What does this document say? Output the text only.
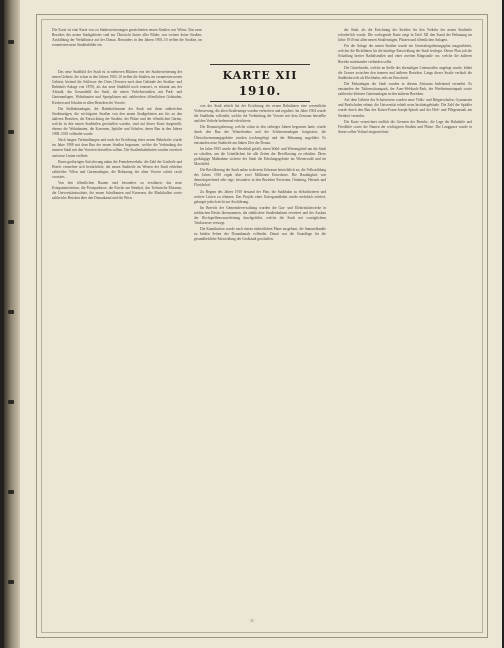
Die Karte ist eine Karte von zu Stadterweiterungen gezeichneten neuen Straßen von Wiens. Das neue Bezirkes des neuen Stadtgebietes sind zur Übersicht hinter aller Bilder, von weitere keine Straßen; Ausbildung der Verhältnisse auf der Donau. Besonders in den Jahren 1903–10 treffen die Straßen, im eronnierten neue Straßenbilder ein.
KARTE XII
1910.

Das neue Stadtbild der Stadt ist in mehreren Blättern von der Stadterweiterung der neuen Gebiete, die schon in den Jahren 1903–10 treffen die Straßen, im eronnierten neuen Gebiete, bietend die Schlösser des Ortes (Terrasse nach dem Gebäude der Straßen- und Bahnhofs-Anlage von 1870), als das neue Stadtbild noch erneuert, es erkannt aus der Altstadt, das Gesamtbild der Stadt, die neuen Verkehrsstraßen, mit Park- und Gartenanlagen, Wohnbauten und Sportplätzen mit zahlreichen öffentlichen Gebäuden, Kirchen und Schulen in allen Bezirken der Vororte.

Die Südbahnanlagen, die Bahnhofsbauten der Stadt mit ihren zahlreichen Straßenzügen, die wichtigsten Straßen von den neuen Stadtgebieten aus bis zu den äußeren Bezirken, die Entwicklung der Straßen, der Plätze und der öffentlichen Gärten, welche in den neuen Stadtteilen geschaffen wurden, sind auf dieser Karte dargestellt, ebenso die Wohnbauten, die Kasernen, Spitäler und Schulen, deren Bau in den Jahren 1908–1910 vollendet wurde.

Nach langen Verhandlungen und nach der Errichtung eines neuen Bahnhofes wurde im Jahre 1908 mit dem Bau der neuen Straßen begonnen, welche die Verbindung der inneren Stadt mit den Vororten herstellen sollten. Die Straßenbahnlinien wurden erweitert und neue Linien eröffnet.

Einen großartigen Aufschwung nahm der Fremdenverkehr, die Zahl der Gasthöfe und Hotels vermehrte sich beträchtlich; die neuen Stadtteile im Westen der Stadt erhielten zahlreiche Villen und Gartenanlagen, die Bebauung der alten Vororte schritt rasch vorwärts.

Von den öffentlichen Bauten sind besonders zu erwähnen: das neue Kriegsministerium, die Postsparkasse, die Kirche am Steinhof, das Technische Museum, die Universitätsinstitute, die neuen Schulbauten und Kasernen, die Markthallen sowie zahlreiche Brücken über den Donaukanal und die Wien.

von der Stadt erhielt bei der Errichtung der neuen Bahnlinien eine wesentliche Verbesserung, die alten Straßenzüge wurden verbreitert und reguliert. Im Jahre 1904 wurde die Stadtbahn vollendet, welche die Verbindung der Vororte mit dem Zentrum herstellte und den Verkehr bedeutend erleichterte.

Die Donauregulierung, welche schon in den siebziger Jahren begonnen hatte, wurde durch den Bau des Winterhafens und der Schleusenanlagen fortgesetzt; die Überschwemmungsgebiete wurden trockengelegt und der Bebauung zugeführt. Es entstanden neue Stadtteile am linken Ufer der Donau.

Im Jahre 1905 wurde der Beschluß gefaßt, einen Wald- und Wiesengürtel um die Stadt zu schaffen, um die Grünflächen für alle Zeiten der Bevölkerung zu erhalten. Diese großzügige Maßnahme sicherte der Stadt die Erholungsgebiete im Wienerwald und im Marchfeld.

Die Bevölkerung der Stadt nahm in diesem Zeitraum beträchtlich zu; die Volkszählung des Jahres 1910 ergab über zwei Millionen Einwohner. Die Bautätigkeit war dementsprechend sehr rege, besonders in den Bezirken Favoriten, Ottakring, Hernals und Floridsdorf.

Zu Beginn des Jahres 1910 bestand der Plan, die Stadtbahn zu elektrifizieren und weitere Linien zu erbauen. Das Projekt einer Untergrundbahn wurde mehrfach erörtert, gelangte jedoch nicht zur Ausführung.

Im Bereich der Gemeindeverwaltung wurden die Gas- und Elektrizitätswerke in städtischen Besitz übernommen, die städtischen Straßenbahnen erweitert und der Ausbau der Hochquellenwasserleitung durchgeführt, welche die Stadt mit vorzüglichem Trinkwasser versorgt.

Die Kanalisation wurde nach einem einheitlichen Plane ausgebaut, die Sammelkanäle zu beiden Seiten des Donaukanals vollendet. Damit war die Grundlage für die gesundheitliche Entwicklung der Großstadt geschaffen.

der Stadt, als die Errichtung der Straßen für den Verkehr der neuen Stadtteile erforderlich wurde. Die vorliegende Karte zeigt in Tafel XII den Stand der Bebauung im Jahre 1910 mit allen neuen Straßenzügen, Plätzen und öffentlichen Anlagen.

Für die Anlage der neuen Straßen wurde ein Generalregulierungsplan ausgearbeitet, welcher die Richtlinien für die künftige Entwicklung der Stadt festlegte. Dieser Plan sah die Schaffung breiter Radialstraßen und einer zweiten Ringstraße vor, welche die äußeren Bezirke miteinander verbinden sollte.

Die Gürtelstraße, welche an Stelle des ehemaligen Linienwalles angelegt wurde, bildet die Grenze zwischen den inneren und äußeren Bezirken. Längs dieser Straße verläuft die Stadtbahn teils als Hochbahn, teils im Einschnitt.

Die Parkanlagen der Stadt wurden in diesem Zeitraum bedeutend vermehrt. Es entstanden der Türkenschanzpark, der Auer-Welsbach-Park, der Wertheimsteinpark sowie zahlreiche kleinere Gartenanlagen in den äußeren Bezirken.

Auf dem Gebiete des Schulwesens wurden neue Volks- und Bürgerschulen, Gymnasien und Realschulen erbaut; die Universität erhielt neue Institutsgebäude. Die Zahl der Spitäler wurde durch den Bau des Kaiser-Franz-Joseph-Spitals und der Heil- und Pflegeanstalt am Steinhof vermehrt.

Die Karte verzeichnet endlich die Grenzen der Bezirke, die Lage der Bahnhöfe und Friedhöfe sowie die Namen der wichtigsten Straßen und Plätze. Die Langgasse wurde in ihrem vollen Verlauf eingezeichnet.

11
